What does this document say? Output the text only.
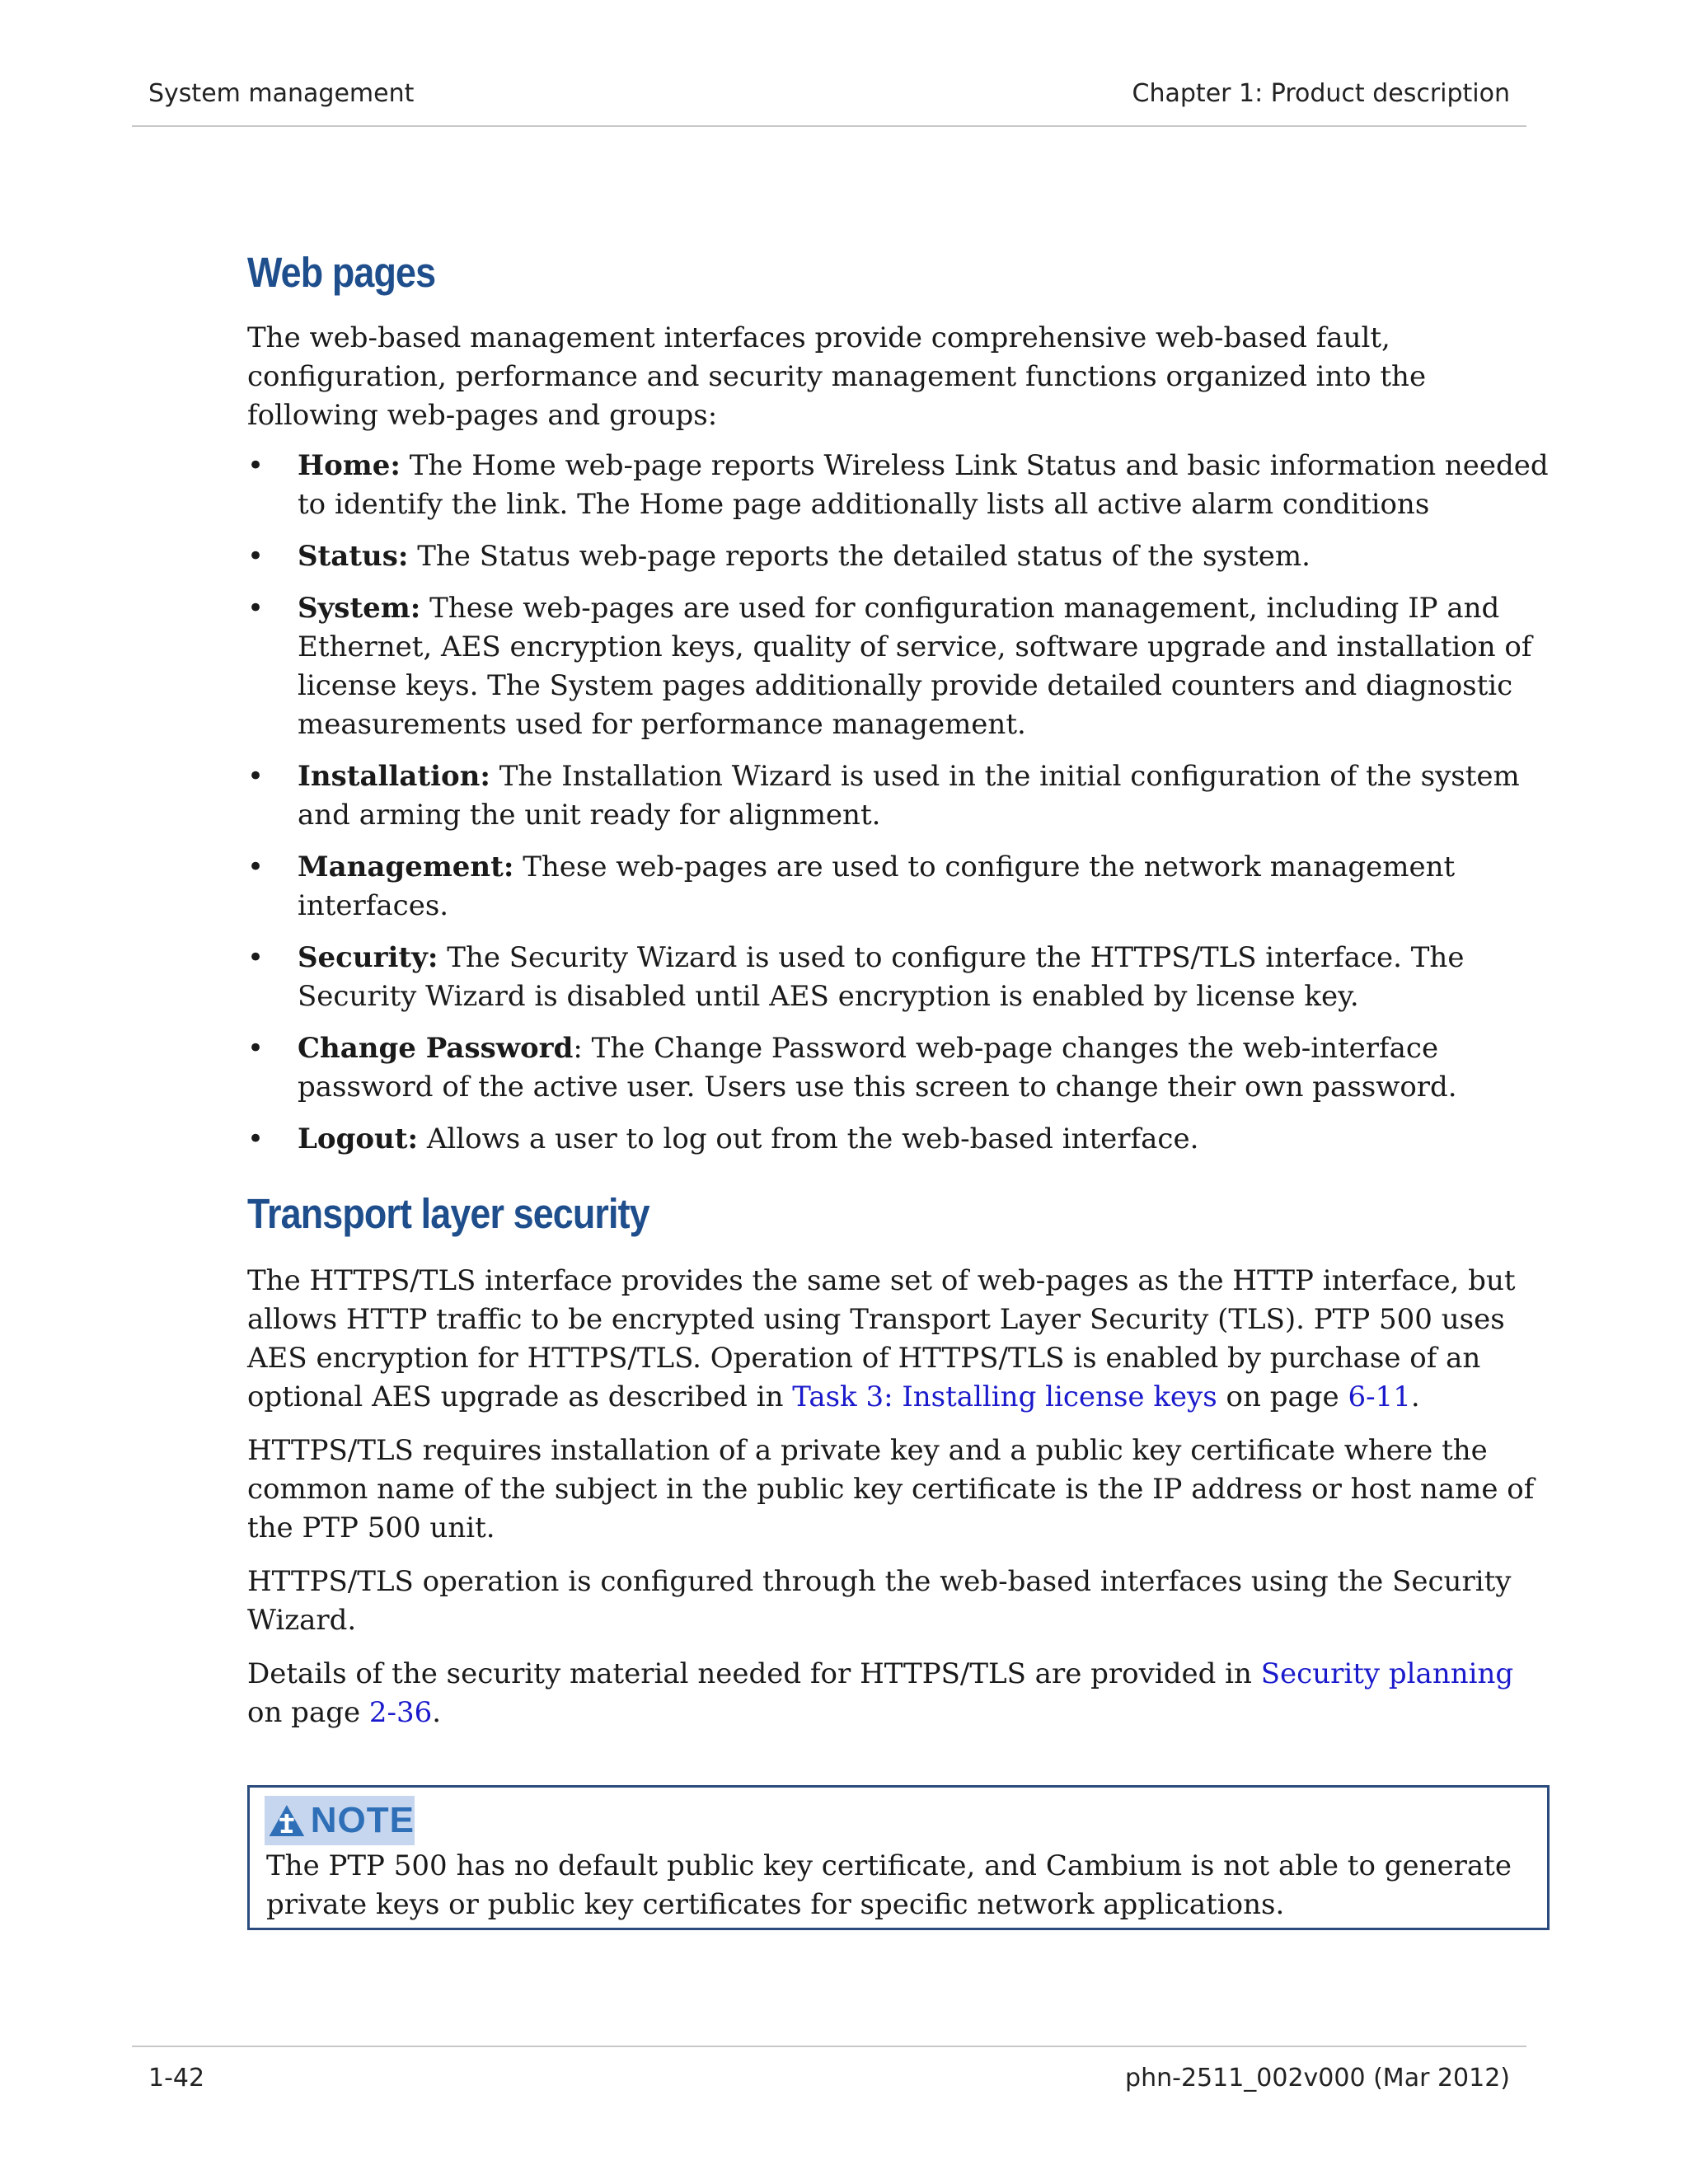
System management	Chapter 1: Product description
Web pages

The web-based management interfaces provide comprehensive web-based fault, configuration, performance and security management functions organized into the following web-pages and groups:

• Home: The Home web-page reports Wireless Link Status and basic information needed to identify the link. The Home page additionally lists all active alarm conditions
• Status: The Status web-page reports the detailed status of the system.
• System: These web-pages are used for configuration management, including IP and Ethernet, AES encryption keys, quality of service, software upgrade and installation of license keys. The System pages additionally provide detailed counters and diagnostic measurements used for performance management.
• Installation: The Installation Wizard is used in the initial configuration of the system and arming the unit ready for alignment.
• Management: These web-pages are used to configure the network management interfaces.
• Security: The Security Wizard is used to configure the HTTPS/TLS interface. The Security Wizard is disabled until AES encryption is enabled by license key.
• Change Password: The Change Password web-page changes the web-interface password of the active user. Users use this screen to change their own password.
• Logout: Allows a user to log out from the web-based interface.
Transport layer security

The HTTPS/TLS interface provides the same set of web-pages as the HTTP interface, but allows HTTP traffic to be encrypted using Transport Layer Security (TLS). PTP 500 uses AES encryption for HTTPS/TLS. Operation of HTTPS/TLS is enabled by purchase of an optional AES upgrade as described in Task 3: Installing license keys on page 6-11.

HTTPS/TLS requires installation of a private key and a public key certificate where the common name of the subject in the public key certificate is the IP address or host name of the PTP 500 unit.

HTTPS/TLS operation is configured through the web-based interfaces using the Security Wizard.

Details of the security material needed for HTTPS/TLS are provided in Security planning on page 2-36.

NOTE
The PTP 500 has no default public key certificate, and Cambium is not able to generate private keys or public key certificates for specific network applications.
1-42	phn-2511_002v000 (Mar 2012)
